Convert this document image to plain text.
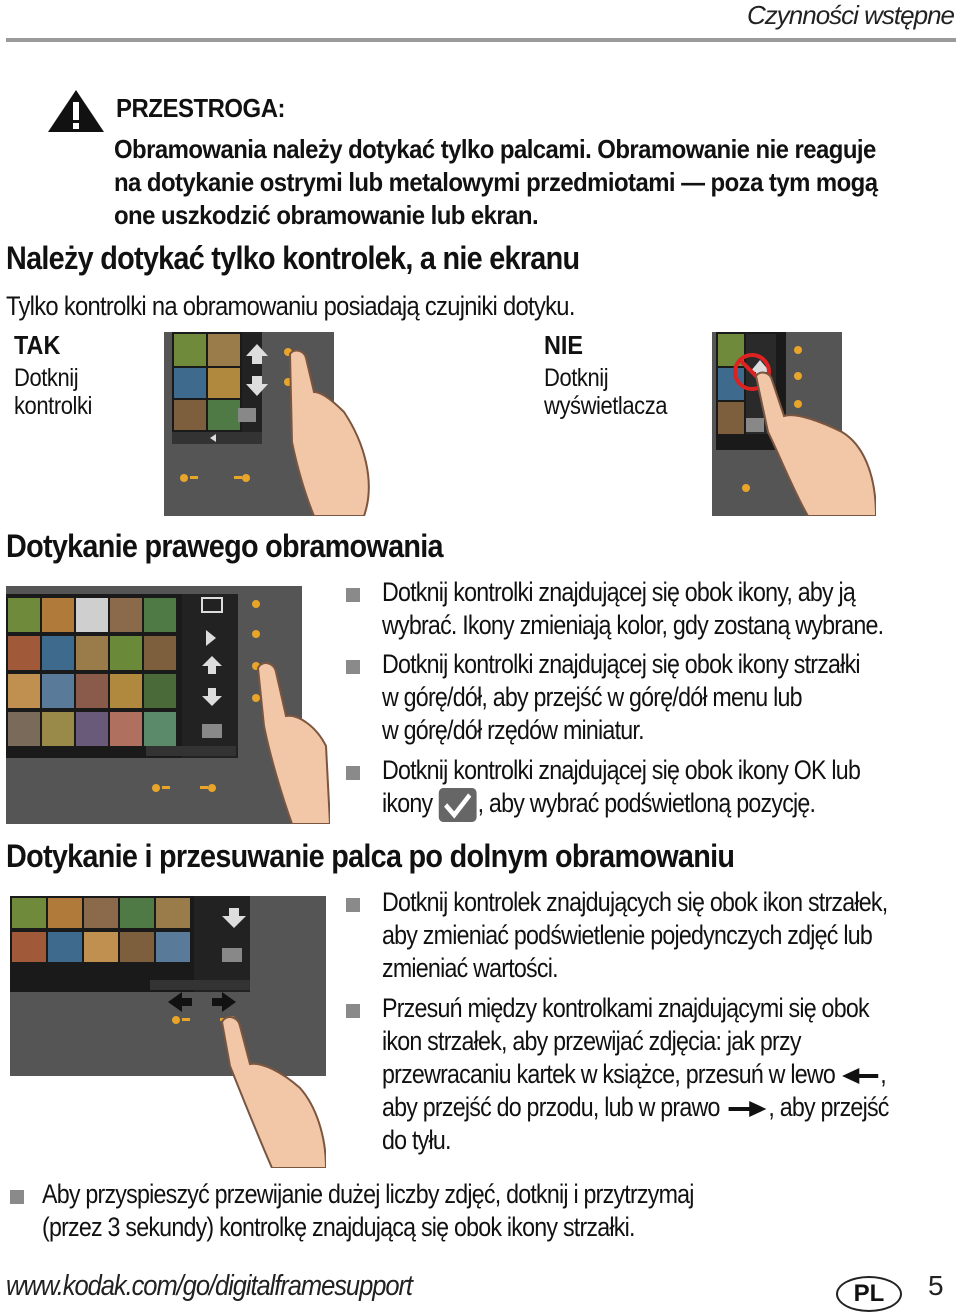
Czynności wstępne
PRZESTROGA:
Obramowania należy dotykać tylko palcami. Obramowanie nie reaguje
na dotykanie ostrymi lub metalowymi przedmiotami — poza tym mogą
one uszkodzić obramowanie lub ekran.
Należy dotykać tylko kontrolek, a nie ekranu
Tylko kontrolki na obramowaniu posiadają czujniki dotyku.
TAK
Dotknij
kontrolki
NIE
Dotknij
wyświetlacza
Dotykanie prawego obramowania
Dotknij kontrolki znajdującej się obok ikony, aby ją
wybrać. Ikony zmieniają kolor, gdy zostaną wybrane.
Dotknij kontrolki znajdującej się obok ikony strzałki
w górę/dół, aby przejść w górę/dół menu lub
w górę/dół rzędów miniatur.
Dotknij kontrolki znajdującej się obok ikony OK lub
ikony , aby wybrać podświetloną pozycję.
Dotykanie i przesuwanie palca po dolnym obramowaniu
Dotknij kontrolek znajdujących się obok ikon strzałek,
aby zmieniać podświetlenie pojedynczych zdjęć lub
zmieniać wartości.
Przesuń między kontrolkami znajdującymi się obok
ikon strzałek, aby przewijać zdjęcia: jak przy
przewracaniu kartek w książce, przesuń w lewo ,
aby przejść do przodu, lub w prawo , aby przejść
do tyłu.
Aby przyspieszyć przewijanie dużej liczby zdjęć, dotknij i przytrzymaj
(przez 3 sekundy) kontrolkę znajdującą się obok ikony strzałki.
www.kodak.com/go/digitalframesupport	PL	5
